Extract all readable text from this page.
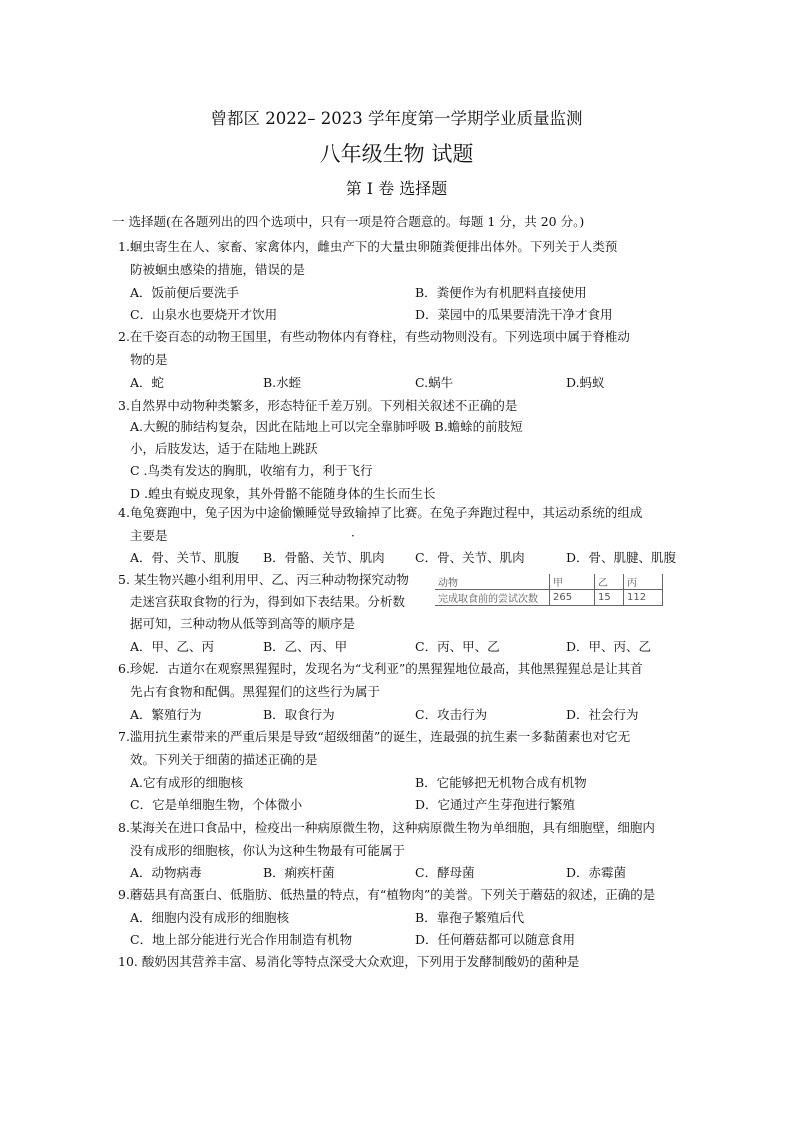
曾都区 2022– 2023 学年度第一学期学业质量监测
八年级生物 试题
第 I 卷 选择题
一 选择题(在各题列出的四个选项中，只有一项是符合题意的。每题 1 分，共 20 分。)
1.蛔虫寄生在人、家畜、家禽体内，雌虫产下的大量虫卵随粪便排出体外。下列关于人类预
防被蛔虫感染的措施，错误的是
A．饭前便后要洗手	B．粪便作为有机肥料直接使用
C．山泉水也要烧开才饮用	D．菜园中的瓜果要清洗干净才食用
2.在千姿百态的动物王国里，有些动物体内有脊柱，有些动物则没有。下列选项中属于脊椎动
物的是
A．蛇	B.水蛭	C.蜗牛	D.蚂蚁
3.自然界中动物种类繁多，形态特征千差万别。下列相关叙述不正确的是
A.大鲵的肺结构复杂，因此在陆地上可以完全靠肺呼吸 B.蟾蜍的前肢短
小，后肢发达，适于在陆地上跳跃
C .鸟类有发达的胸肌，收缩有力，利于飞行
D .蝗虫有蜕皮现象，其外骨骼不能随身体的生长而生长
4.龟兔赛跑中，兔子因为中途偷懒睡觉导致输掉了比赛。在兔子奔跑过程中，其运动系统的组成
主要是	·
A．骨、关节、肌腹 B．骨骼、关节、肌肉 C．骨、关节、肌肉	D．骨、肌腱、肌腹
5. 某生物兴趣小组利用甲、乙、丙三种动物探究动物
走迷宫获取食物的行为，得到如下表结果。分析数
据可知，三种动物从低等到高等的顺序是
动物	甲	乙	丙
完成取食前的尝试次数	265	15	112
A．甲、乙、丙	B．乙、丙、甲	C．丙、甲、乙	D．甲、丙、乙
6.珍妮．古道尔在观察黑猩猩时，发现名为“戈利亚”的黑猩猩地位最高，其他黑猩猩总是让其首
先占有食物和配偶。黑猩猩们的这些行为属于
A．繁殖行为	B．取食行为	C．攻击行为	D．社会行为
7.滥用抗生素带来的严重后果是导致“超级细菌”的诞生，连最强的抗生素一多黏菌素也对它无
效。下列关于细菌的描述正确的是
A.它有成形的细胞核	B．它能够把无机物合成有机物
C．它是单细胞生物，个体微小	D．它通过产生芽孢进行繁殖
8.某海关在进口食品中，检疫出一种病原微生物，这种病原微生物为单细胞，具有细胞壁，细胞内
没有成形的细胞核，你认为这种生物最有可能属于
A．动物病毒	B．痢疾杆菌	C．酵母菌	D．赤霉菌
9.蘑菇具有高蛋白、低脂肪、低热量的特点，有“植物肉”的美誉。下列关于蘑菇的叙述，正确的是
A．细胞内没有成形的细胞核	B．靠孢子繁殖后代
C．地上部分能进行光合作用制造有机物	D．任何蘑菇都可以随意食用
10. 酸奶因其营养丰富、易消化等特点深受大众欢迎，下列用于发酵制酸奶的菌种是
